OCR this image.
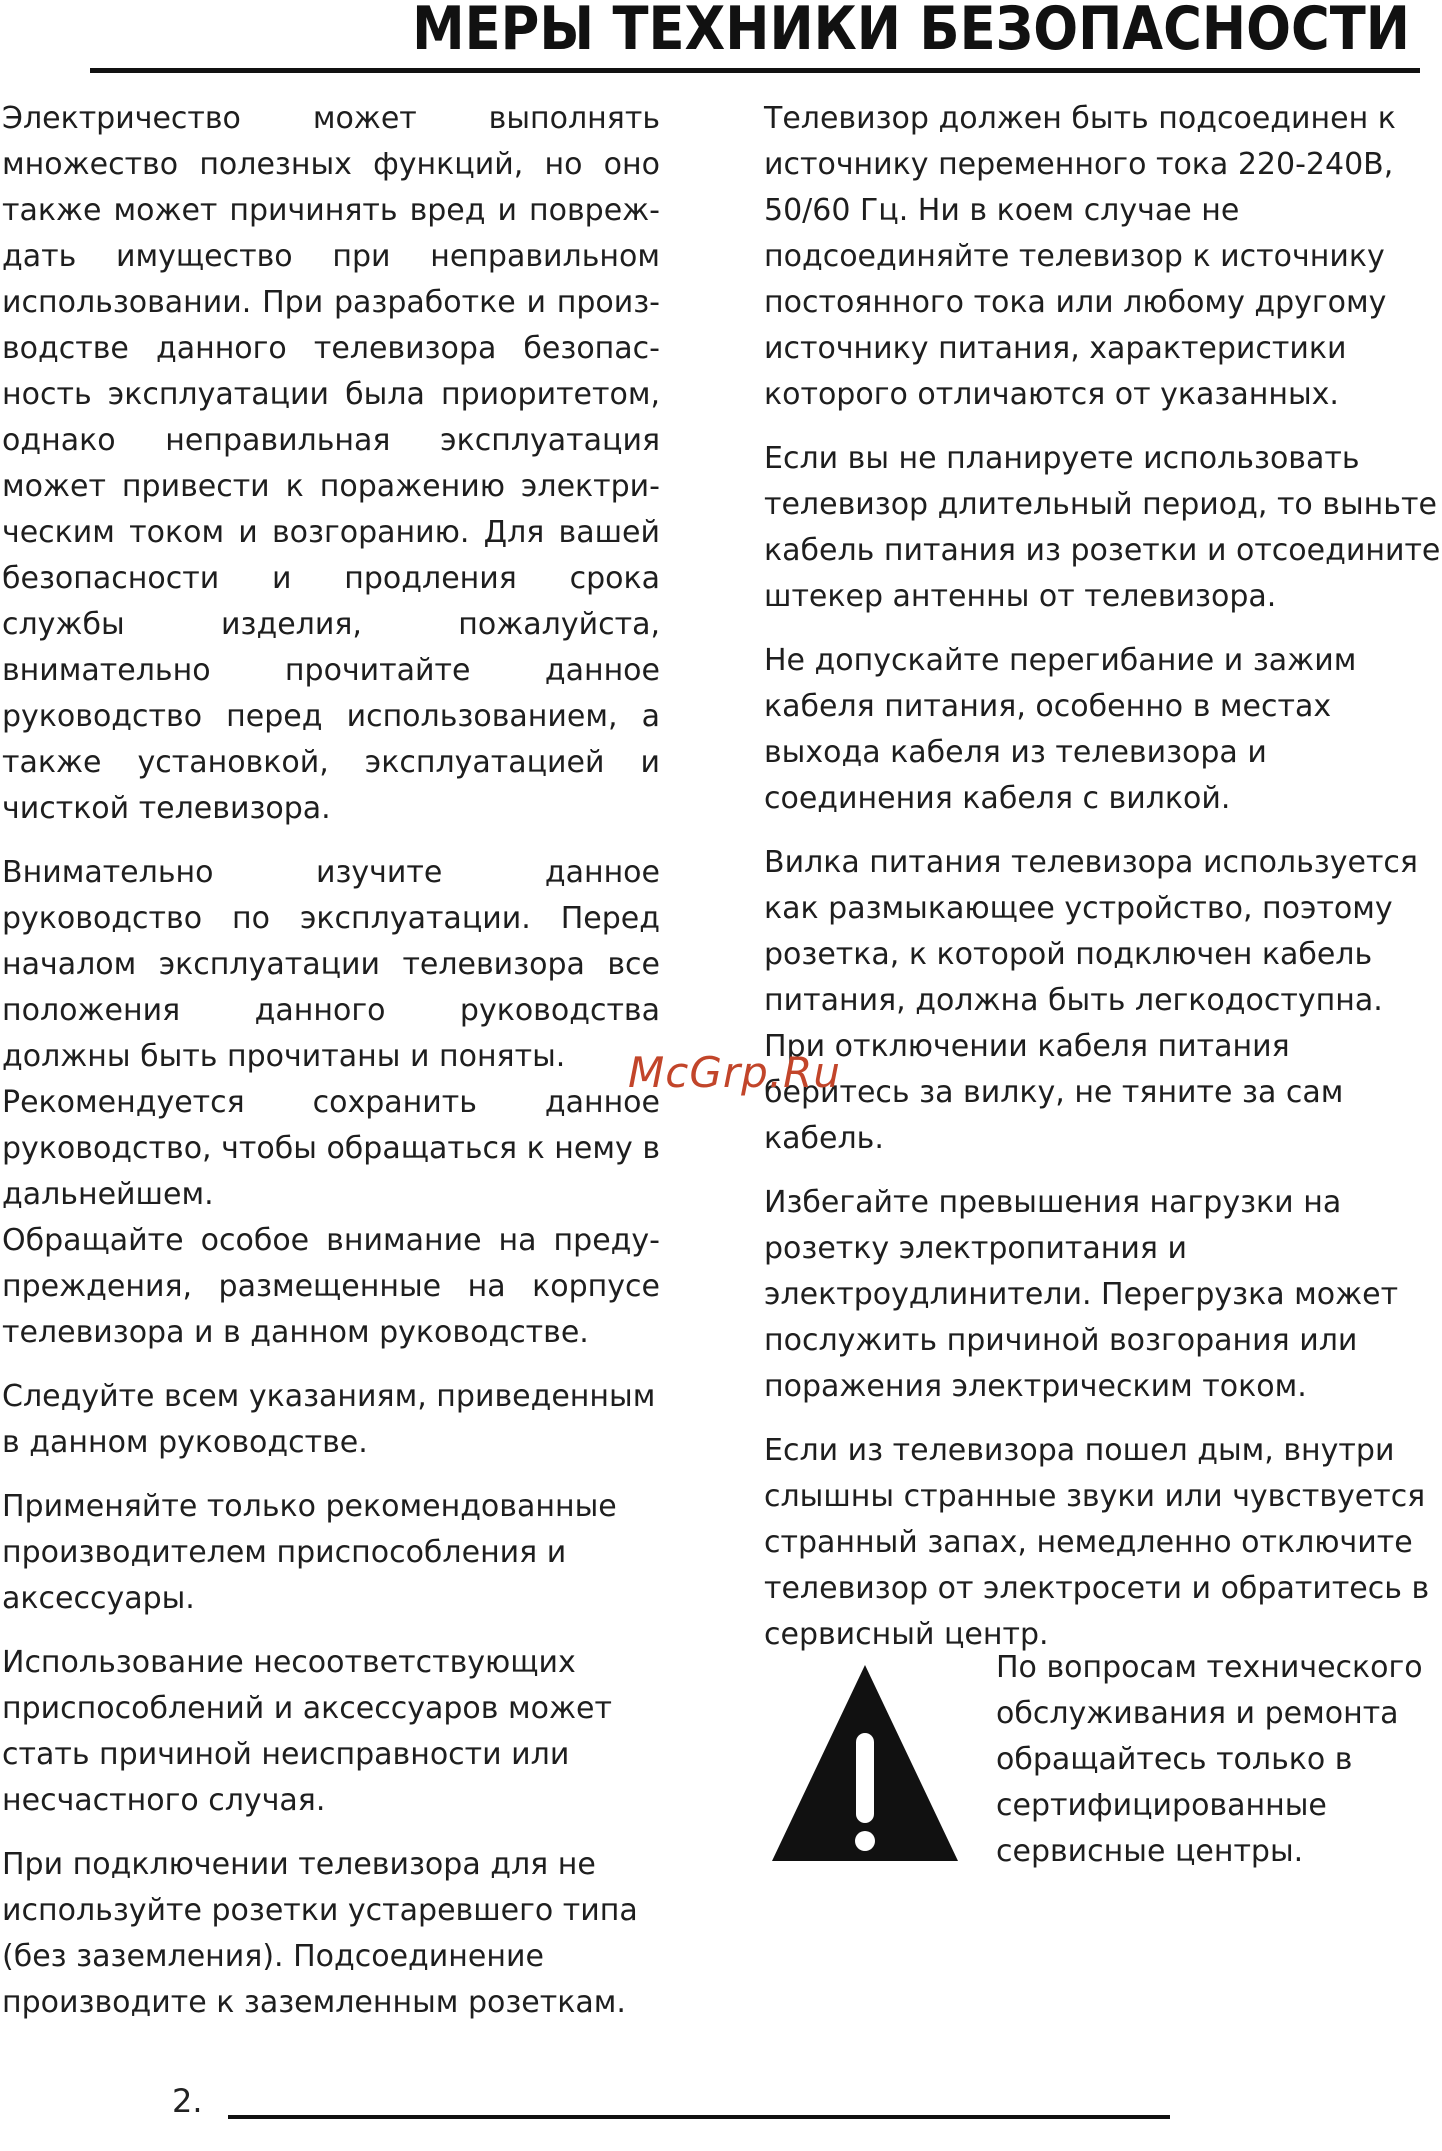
МЕРЫ ТЕХНИКИ БЕЗОПАСНОСТИ

Электричество может выполнять множество полезных функций, но оно также может причинять вред и повреж-дать имущество при неправильном использовании. При разработке и произ-водстве данного телевизора безопас-ность эксплуатации была приоритетом, однако неправильная эксплуатация может привести к поражению электри-ческим током и возгоранию. Для вашей безопасности и продления срока службы изделия, пожалуйста, внимательно прочитайте данное руководство перед использованием, а также установкой, эксплуатацией и чисткой телевизора.

Внимательно изучите данное руководство по эксплуатации. Перед началом эксплуатации телевизора все положения данного руководства должны быть прочитаны и поняты.

Рекомендуется сохранить данное руководство, чтобы обращаться к нему в дальнейшем.

Обращайте особое внимание на преду-преждения, размещенные на корпусе телевизора и в данном руководстве.

Следуйте всем указаниям, приведенным в данном руководстве.

Применяйте только рекомендованные производителем приспособления и аксессуары.

Использование несоответствующих приспособлений и аксессуаров может стать причиной неисправности или несчастного случая.

При подключении телевизора для не используйте розетки устаревшего типа (без заземления). Подсоединение производите к заземленным розеткам.

Телевизор должен быть подсоединен к источнику переменного тока 220-240В, 50/60 Гц. Ни в коем случае не подсоединяйте телевизор к источнику постоянного тока или любому другому источнику питания, характеристики которого отличаются от указанных.

Если вы не планируете использовать телевизор длительный период, то выньте кабель питания из розетки и отсоедините штекер антенны от телевизора.

Не допускайте перегибание и зажим кабеля питания, особенно в местах выхода кабеля из телевизора и соединения кабеля с вилкой.

Вилка питания телевизора используется как размыкающее устройство, поэтому розетка, к которой подключен кабель питания, должна быть легкодоступна. При отключении кабеля питания беритесь за вилку, не тяните за сам кабель.

Избегайте превышения нагрузки на розетку электропитания и электроудлинители. Перегрузка может послужить причиной возгорания или поражения электрическим током.

Если из телевизора пошел дым, внутри слышны странные звуки или чувствуется странный запах, немедленно отключите телевизор от электросети и обратитесь в сервисный центр.

McGrp.Ru

По вопросам технического обслуживания и ремонта обращайтесь только в сертифицированные сервисные центры.

2.
